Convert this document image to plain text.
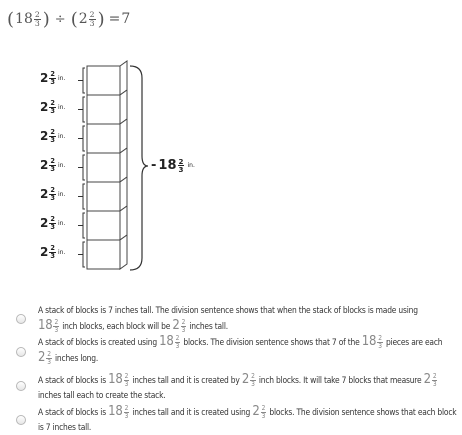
( $18 \frac{2}{3}$ ) ÷ ( $2 \frac{2}{3}$ ) = 7
$2 \frac{2}{3}$ in.
$2 \frac{2}{3}$ in.
$2 \frac{2}{3}$ in.
$2 \frac{2}{3}$ in.
$2 \frac{2}{3}$ in.
$2 \frac{2}{3}$ in.
$2 \frac{2}{3}$ in.
- $18 \frac{2}{3}$ in.
A stack of blocks is 7 inches tall. The division sentence shows that when the stack of blocks is made using
$18 \frac{2}{3}$ inch blocks, each block will be $2 \frac{2}{3}$ inches tall.
A stack of blocks is created using $18 \frac{2}{3}$ blocks. The division sentence shows that 7 of the $18 \frac{2}{3}$ pieces are each
$2 \frac{2}{3}$ inches long.
A stack of blocks is $18 \frac{2}{3}$ inches tall and it is created by $2 \frac{2}{3}$ inch blocks. It will take 7 blocks that measure $2 \frac{2}{3}$

inches tall each to create the stack.
A stack of blocks is $18 \frac{2}{3}$ inches tall and it is created using $2 \frac{2}{3}$ blocks. The division sentence shows that each block is 7 inches tall.
